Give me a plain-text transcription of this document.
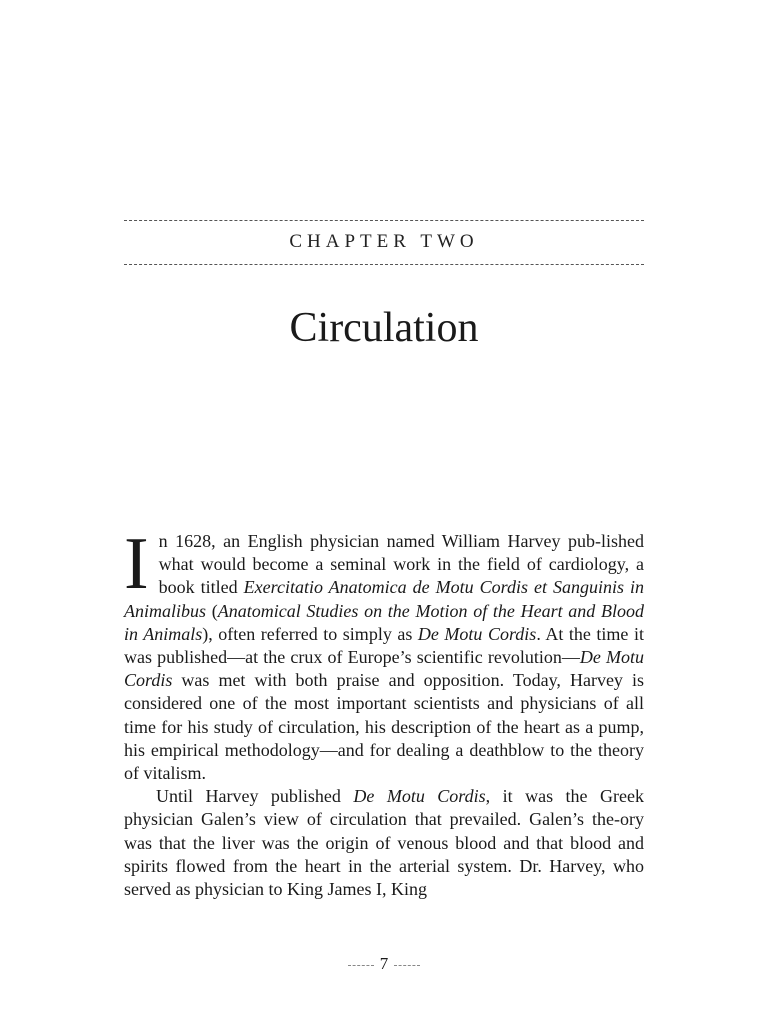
CHAPTER TWO
Circulation

In 1628, an English physician named William Harvey pub-lished what would become a seminal work in the field of cardiology, a book titled Exercitatio Anatomica de Motu Cordis et Sanguinis in Animalibus (Anatomical Studies on the Motion of the Heart and Blood in Animals), often referred to simply as De Motu Cordis. At the time it was published—at the crux of Europe’s scientific revolution—De Motu Cordis was met with both praise and opposition. Today, Harvey is considered one of the most important scientists and physicians of all time for his study of circulation, his description of the heart as a pump, his empirical methodology—and for dealing a deathblow to the theory of vitalism.

Until Harvey published De Motu Cordis, it was the Greek physician Galen’s view of circulation that prevailed. Galen’s the-ory was that the liver was the origin of venous blood and that blood and spirits flowed from the heart in the arterial system. Dr. Harvey, who served as physician to King James I, King

7
